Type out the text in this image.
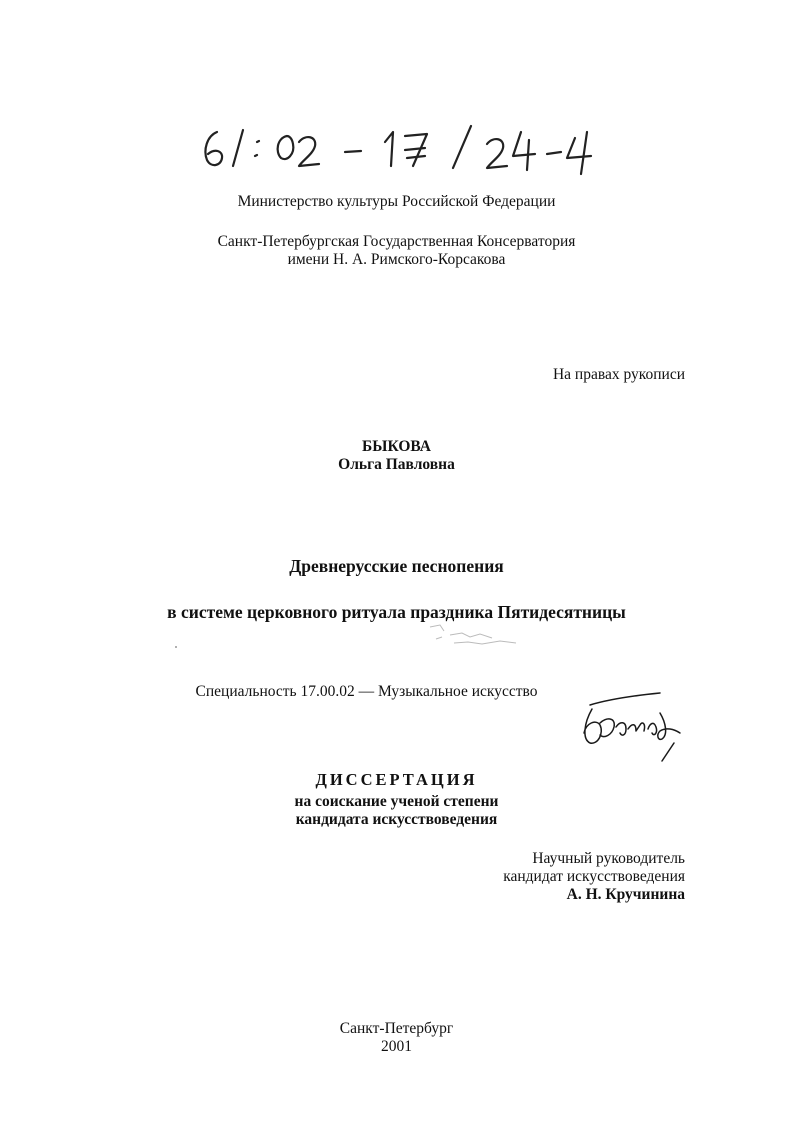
Министерство культуры Российской Федерации
Санкт-Петербургская Государственная Консерватория
имени Н. А. Римского-Корсакова
На правах рукописи
БЫКОВА
Ольга Павловна
Древнерусские песнопения
в системе церковного ритуала праздника Пятидесятницы
Специальность 17.00.02 — Музыкальное искусство
ДИССЕРТАЦИЯ
на соискание ученой степени
кандидата искусствоведения
Научный руководитель
кандидат искусствоведения
А. Н. Кручинина
Санкт-Петербург
2001
